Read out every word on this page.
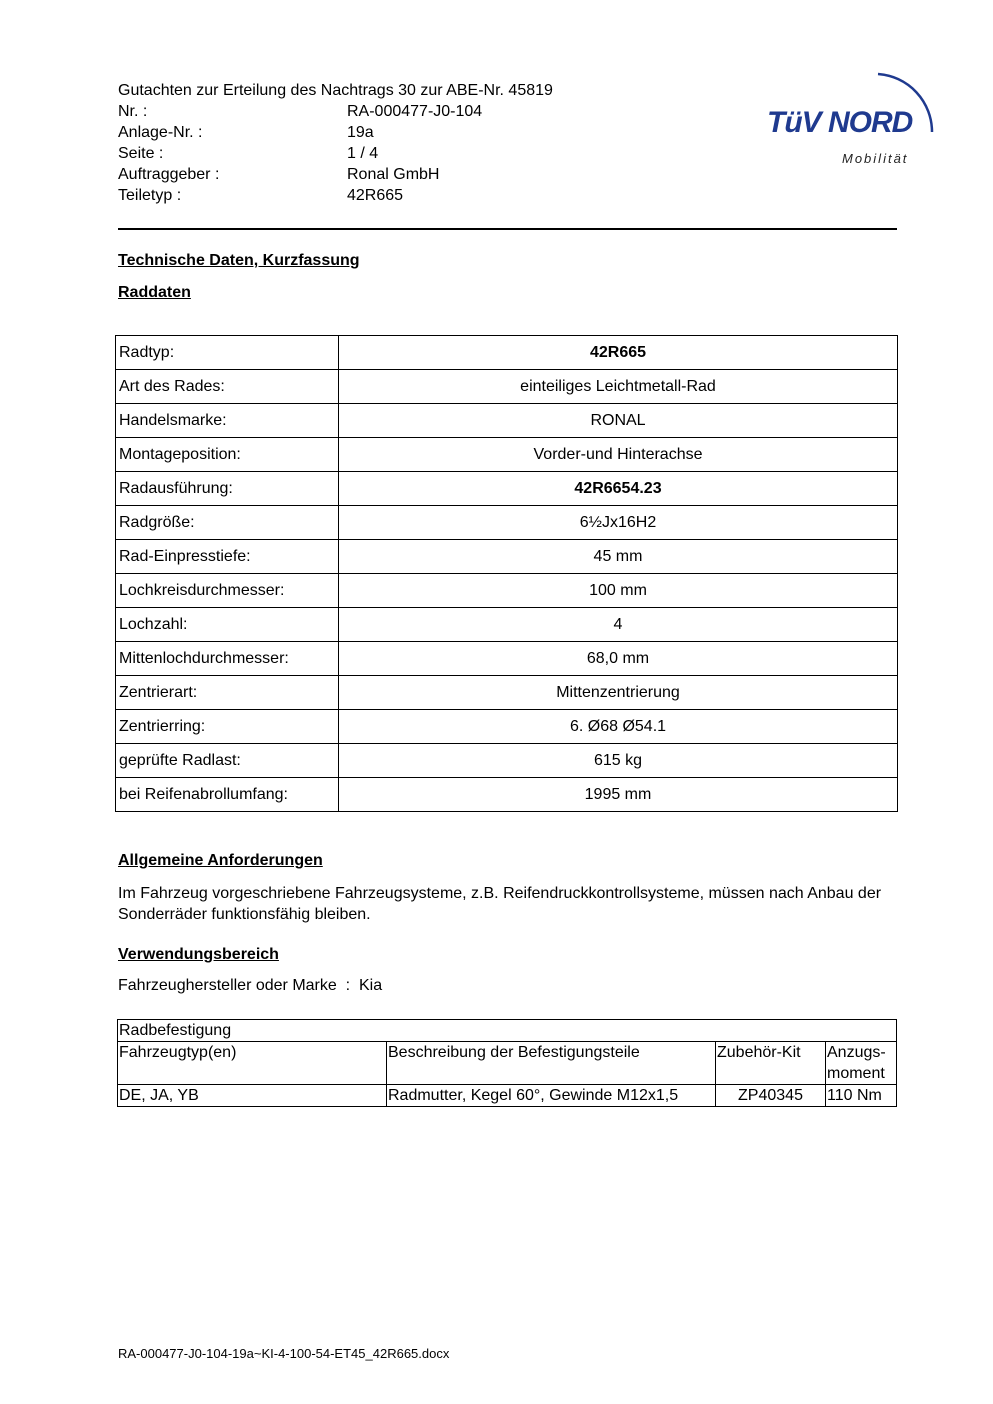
Gutachten zur Erteilung des Nachtrags 30 zur ABE-Nr. 45819
Nr. :	RA-000477-J0-104
Anlage-Nr. :	19a
Seite :	1 / 4
Auftraggeber :	Ronal GmbH
Teiletyp :	42R665
TüV NORD
Mobilität
Technische Daten, Kurzfassung
Raddaten
Radtyp:	42R665
Art des Rades:	einteiliges Leichtmetall-Rad
Handelsmarke:	RONAL
Montageposition:	Vorder-und Hinterachse
Radausführung:	42R6654.23
Radgröße:	6½Jx16H2
Rad-Einpresstiefe:	45 mm
Lochkreisdurchmesser:	100 mm
Lochzahl:	4
Mittenlochdurchmesser:	68,0 mm
Zentrierart:	Mittenzentrierung
Zentrierring:	6. Ø68 Ø54.1
geprüfte Radlast:	615 kg
bei Reifenabrollumfang:	1995 mm
Allgemeine Anforderungen
Im Fahrzeug vorgeschriebene Fahrzeugsysteme, z.B. Reifendruckkontrollsysteme, müssen nach Anbau der Sonderräder funktionsfähig bleiben.
Verwendungsbereich
Fahrzeughersteller oder Marke  :  Kia
Radbefestigung			
Fahrzeugtyp(en)	Beschreibung der Befestigungsteile	Zubehör-Kit	Anzugs-
moment

DE, JA, YB	Radmutter, Kegel 60°, Gewinde M12x1,5	ZP40345	110 Nm
RA-000477-J0-104-19a~KI-4-100-54-ET45_42R665.docx
